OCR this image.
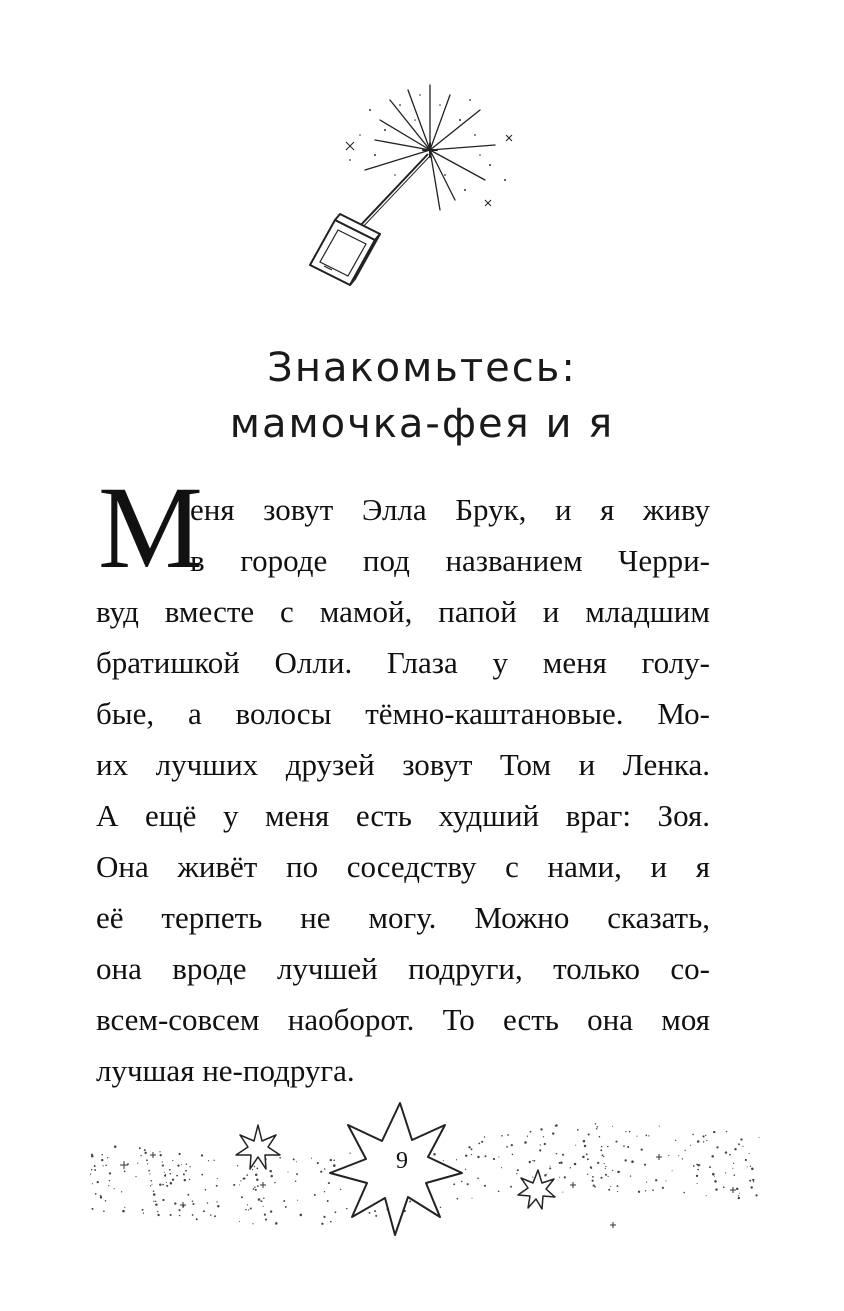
Знакомьтесь:
мамочка-фея и я
М
еня зовут Элла Брук, и я живу
в городе под названием Черри-
вуд вместе с мамой, папой и младшим
братишкой Олли. Глаза у меня голу-
бые, а волосы тёмно-каштановые. Мо-
их лучших друзей зовут Том и Ленка.
А ещё у меня есть худший враг: Зоя.
Она живёт по соседству с нами, и я
её терпеть не могу. Можно сказать,
она вроде лучшей подруги, только со-
всем-совсем наоборот. То есть она моя
лучшая не-подруга.
9
